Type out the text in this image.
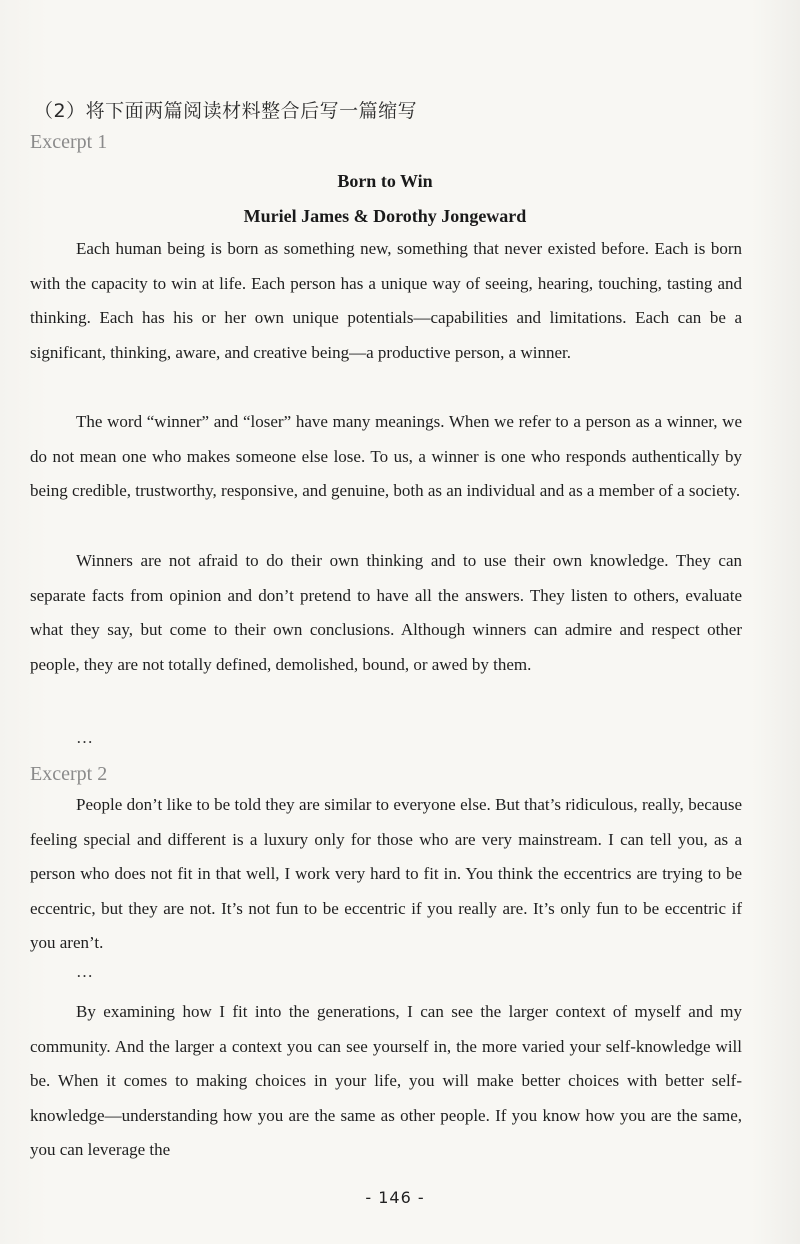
（2）将下面两篇阅读材料整合后写一篇缩写
Excerpt 1
Born to Win
Muriel James & Dorothy Jongeward

Each human being is born as something new, something that never existed before. Each is born with the capacity to win at life. Each person has a unique way of seeing, hearing, touching, tasting and thinking. Each has his or her own unique potentials—capabilities and limitations. Each can be a significant, thinking, aware, and creative being—a productive person, a winner.

The word “winner” and “loser” have many meanings. When we refer to a person as a winner, we do not mean one who makes someone else lose. To us, a winner is one who responds authentically by being credible, trustworthy, responsive, and genuine, both as an individual and as a member of a society.

Winners are not afraid to do their own thinking and to use their own knowledge. They can separate facts from opinion and don’t pretend to have all the answers. They listen to others, evaluate what they say, but come to their own conclusions. Although winners can admire and respect other people, they are not totally defined, demolished, bound, or awed by them.

…
Excerpt 2

People don’t like to be told they are similar to everyone else. But that’s ridiculous, really, because feeling special and different is a luxury only for those who are very mainstream. I can tell you, as a person who does not fit in that well, I work very hard to fit in. You think the eccentrics are trying to be eccentric, but they are not. It’s not fun to be eccentric if you really are. It’s only fun to be eccentric if you aren’t.

…

By examining how I fit into the generations, I can see the larger context of myself and my community. And the larger a context you can see yourself in, the more varied your self-knowledge will be. When it comes to making choices in your life, you will make better choices with better self-knowledge—understanding how you are the same as other people. If you know how you are the same, you can leverage the

- 146 -
